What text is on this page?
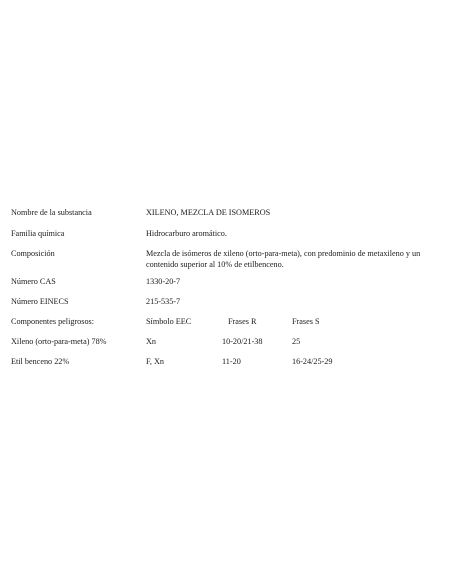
Nombre de la substancia	XILENO, MEZCLA DE ISOMEROS
Familia química	Hidrocarburo aromático.
Composición	Mezcla de isómeros de xileno (orto-para-meta), con predominio de metaxileno y un contenido superior al 10% de etilbenceno.
Número CAS	1330-20-7
Número EINECS	215-535-7
Componentes peligrosos:	Símbolo EEC	Frases R	Frases S
Xileno (orto-para-meta) 78%	Xn	10-20/21-38	25
Etil benceno 22%	F, Xn	11-20	16-24/25-29
